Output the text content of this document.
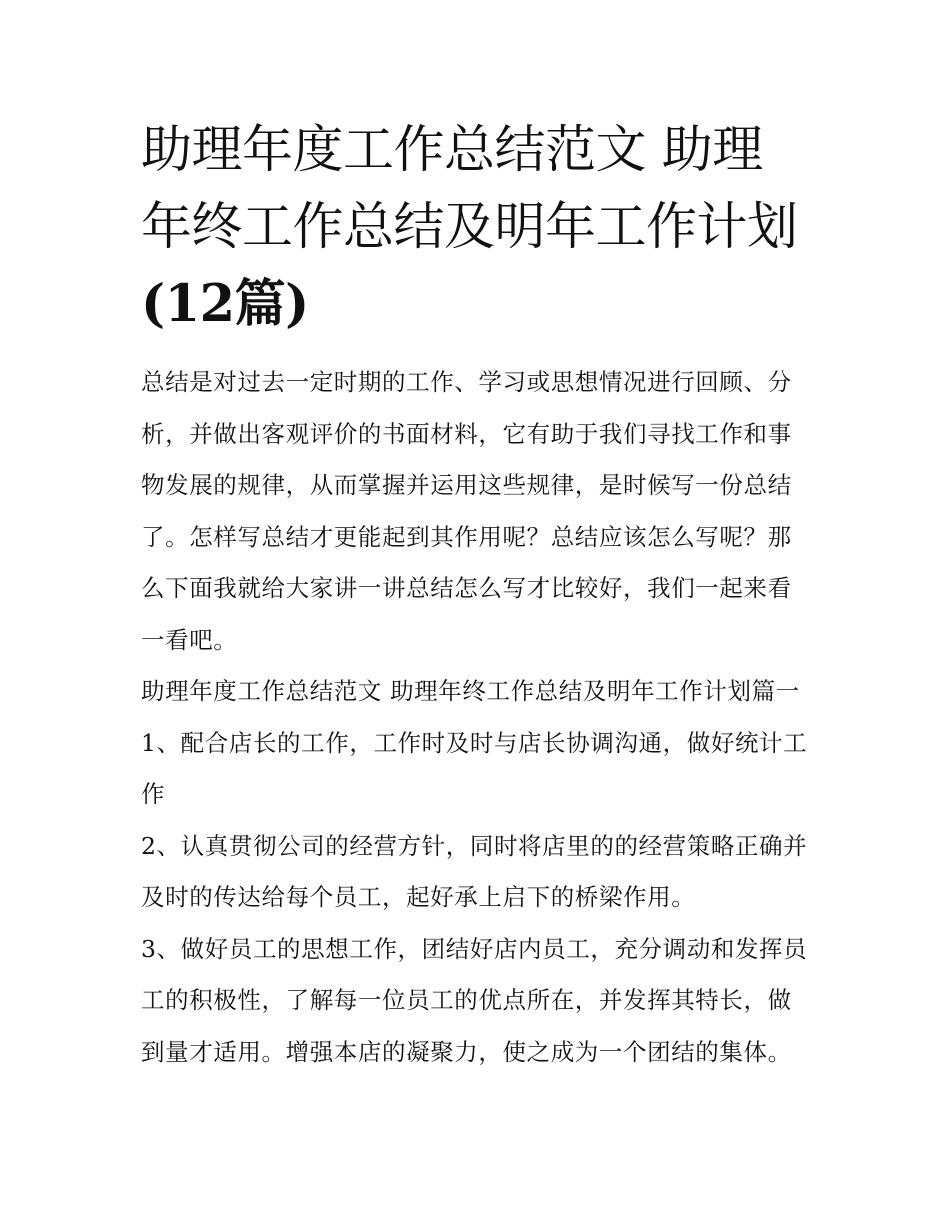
助理年度工作总结范文 助理年终工作总结及明年工作计划(12篇)

总结是对过去一定时期的工作、学习或思想情况进行回顾、分析，并做出客观评价的书面材料，它有助于我们寻找工作和事物发展的规律，从而掌握并运用这些规律，是时候写一份总结了。怎样写总结才更能起到其作用呢？总结应该怎么写呢？那么下面我就给大家讲一讲总结怎么写才比较好，我们一起来看一看吧。

助理年度工作总结范文 助理年终工作总结及明年工作计划篇一1、配合店长的工作，工作时及时与店长协调沟通，做好统计工作

2、认真贯彻公司的经营方针，同时将店里的的经营策略正确并及时的传达给每个员工，起好承上启下的桥梁作用。

3、做好员工的思想工作，团结好店内员工，充分调动和发挥员工的积极性，了解每一位员工的优点所在，并发挥其特长，做到量才适用。增强本店的凝聚力，使之成为一个团结的集体。
